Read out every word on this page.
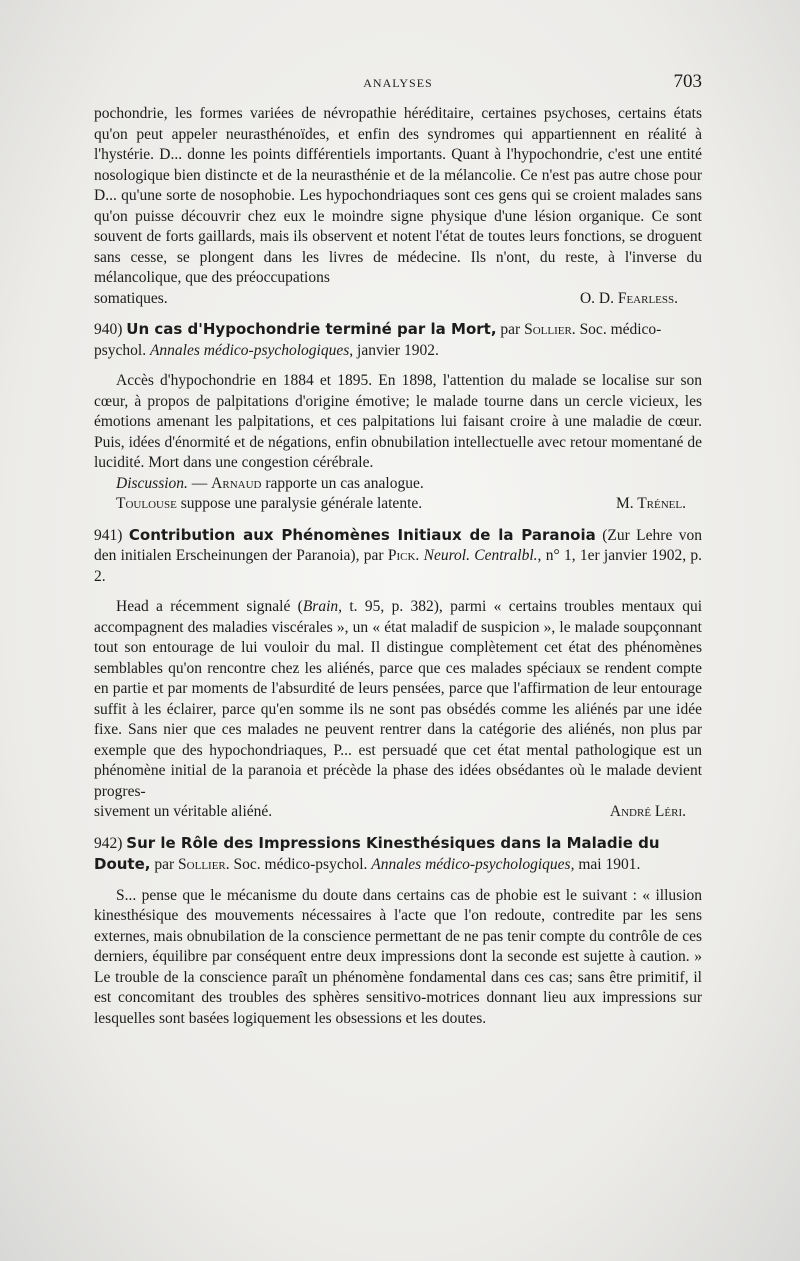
ANALYSES	703

pochondrie, les formes variées de névropathie héréditaire, certaines psychoses, certains états qu'on peut appeler neurasthénoïdes, et enfin des syndromes qui appartiennent en réalité à l'hystérie. D... donne les points différentiels importants. Quant à l'hypochondrie, c'est une entité nosologique bien distincte et de la neurasthénie et de la mélancolie. Ce n'est pas autre chose pour D... qu'une sorte de nosophobie. Les hypochondriaques sont ces gens qui se croient malades sans qu'on puisse découvrir chez eux le moindre signe physique d'une lésion organique. Ce sont souvent de forts gaillards, mais ils observent et notent l'état de toutes leurs fonctions, se droguent sans cesse, se plongent dans les livres de médecine. Ils n'ont, du reste, à l'inverse du mélancolique, que des préoccupations

somatiques.	O. D. Fearless.

940) Un cas d'Hypochondrie terminé par la Mort, par Sollier. Soc. médico-psychol. Annales médico-psychologiques, janvier 1902.

Accès d'hypochondrie en 1884 et 1895. En 1898, l'attention du malade se localise sur son cœur, à propos de palpitations d'origine émotive; le malade tourne dans un cercle vicieux, les émotions amenant les palpitations, et ces palpitations lui faisant croire à une maladie de cœur. Puis, idées d'énormité et de négations, enfin obnubilation intellectuelle avec retour momentané de lucidité. Mort dans une congestion cérébrale.

Discussion. — Arnaud rapporte un cas analogue.

Toulouse suppose une paralysie générale latente.	M. Trénel.

941) Contribution aux Phénomènes Initiaux de la Paranoia (Zur Lehre von den initialen Erscheinungen der Paranoia), par Pick. Neurol. Centralbl., n° 1, 1er janvier 1902, p. 2.

Head a récemment signalé (Brain, t. 95, p. 382), parmi « certains troubles mentaux qui accompagnent des maladies viscérales », un « état maladif de suspicion », le malade soupçonnant tout son entourage de lui vouloir du mal. Il distingue complètement cet état des phénomènes semblables qu'on rencontre chez les aliénés, parce que ces malades spéciaux se rendent compte en partie et par moments de l'absurdité de leurs pensées, parce que l'affirmation de leur entourage suffit à les éclairer, parce qu'en somme ils ne sont pas obsédés comme les aliénés par une idée fixe. Sans nier que ces malades ne peuvent rentrer dans la catégorie des aliénés, non plus par exemple que des hypochondriaques, P... est persuadé que cet état mental pathologique est un phénomène initial de la paranoia et précède la phase des idées obsédantes où le malade devient progres-

sivement un véritable aliéné.	André Léri.

942) Sur le Rôle des Impressions Kinesthésiques dans la Maladie du Doute, par Sollier. Soc. médico-psychol. Annales médico-psychologiques, mai 1901.

S... pense que le mécanisme du doute dans certains cas de phobie est le suivant : « illusion kinesthésique des mouvements nécessaires à l'acte que l'on redoute, contredite par les sens externes, mais obnubilation de la conscience permettant de ne pas tenir compte du contrôle de ces derniers, équilibre par conséquent entre deux impressions dont la seconde est sujette à caution. » Le trouble de la conscience paraît un phénomène fondamental dans ces cas; sans être primitif, il est concomitant des troubles des sphères sensitivo-motrices donnant lieu aux impressions sur lesquelles sont basées logiquement les obsessions et les doutes.
